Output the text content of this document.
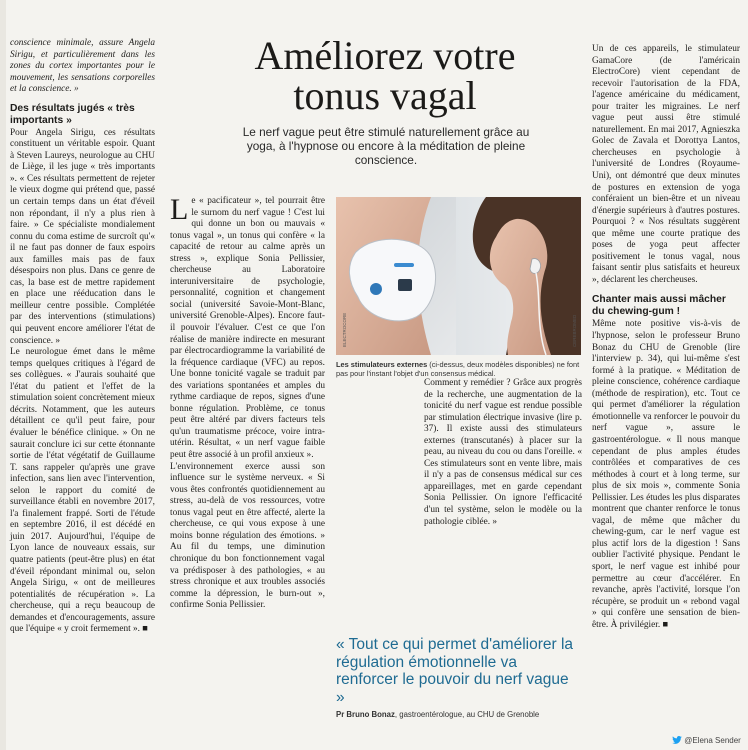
conscience minimale, assure Angela Sirigu, et particulièrement dans les zones du cortex importantes pour le mouvement, les sensations corporelles et la conscience. »

Des résultats jugés « très importants »

Pour Angela Sirigu, ces résultats constituent un véritable espoir. Quant à Steven Laureys, neurologue au CHU de Liège, il les juge « très importants ». « Ces résultats permettent de rejeter le vieux dogme qui prétend que, passé un certain temps dans un état d'éveil non répondant, il n'y a plus rien à faire. » Ce spécialiste mondialement connu du coma estime de surcroît qu'« il ne faut pas donner de faux espoirs aux familles mais pas de faux désespoirs non plus. Dans ce genre de cas, la base est de mettre rapidement en place une rééducation dans le meilleur centre possible. Complétée par des interventions (stimulations) qui peuvent encore améliorer l'état de conscience. »

Le neurologue émet dans le même temps quelques critiques à l'égard de ses collègues. « J'aurais souhaité que l'état du patient et l'effet de la stimulation soient concrètement mieux décrits. Notamment, que les auteurs détaillent ce qu'il peut faire, pour évaluer le bénéfice clinique. » On ne saurait conclure ici sur cette étonnante sortie de l'état végétatif de Guillaume T. sans rappeler qu'après une grave infection, sans lien avec l'intervention, selon le rapport du comité de surveillance établi en novembre 2017, l'a finalement frappé. Sorti de l'étude en septembre 2016, il est décédé en juin 2017. Aujourd'hui, l'équipe de Lyon lance de nouveaux essais, sur quatre patients (peut-être plus) en état d'éveil répondant minimal ou, selon Angela Sirigu, « ont de meilleures potentialités de récupération ». La chercheuse, qui a reçu beaucoup de demandes et d'encouragements, assure que l'équipe « y croit fermement ». ■

Améliorez votre
tonus vagal
Le nerf vague peut être stimulé naturellement grâce au yoga, à l'hypnose ou encore à la méditation de pleine conscience.

Le « pacificateur », tel pourrait être le surnom du nerf vague ! C'est lui qui donne un bon ou mauvais « tonus vagal », un tonus qui confère « la capacité de retour au calme après un stress », explique Sonia Pellissier, chercheuse au Laboratoire interuniversitaire de psychologie, personnalité, cognition et changement social (université Savoie-Mont-Blanc, université Grenoble-Alpes). Encore faut-il pouvoir l'évaluer. C'est ce que l'on réalise de manière indirecte en mesurant par électrocardiogramme la variabilité de la fréquence cardiaque (VFC) au repos. Une bonne tonicité vagale se traduit par des variations spontanées et amples du rythme cardiaque de repos, signes d'une bonne régulation. Problème, ce tonus peut être altéré par divers facteurs tels qu'un traumatisme précoce, voire intra-utérin. Résultat, « un nerf vague faible peut être associé à un profil anxieux ».

L'environnement exerce aussi son influence sur le système nerveux. « Si vous êtes confrontés quotidiennement au stress, au-delà de vos ressources, votre tonus vagal peut en être affecté, alerte la chercheuse, ce qui vous expose à une moins bonne régulation des émotions. » Au fil du temps, une diminution chronique du bon fonctionnement vagal va prédisposer à des pathologies, « au stress chronique et aux troubles associés comme la dépression, le burn-out », confirme Sonia Pellissier.

ELECTROCORE	CEREBROMED
Les stimulateurs externes (ci-dessus, deux modèles disponibles) ne font pas pour l'instant l'objet d'un consensus médical.

Comment y remédier ? Grâce aux progrès de la recherche, une augmentation de la tonicité du nerf vague est rendue possible par stimulation électrique invasive (lire p. 37). Il existe aussi des stimulateurs externes (transcutanés) à placer sur la peau, au niveau du cou ou dans l'oreille. « Ces stimulateurs sont en vente libre, mais il n'y a pas de consensus médical sur ces appareillages, met en garde cependant Sonia Pellissier. On ignore l'efficacité d'un tel système, selon le modèle ou la pathologie ciblée. »

« Tout ce qui permet d'améliorer la régulation émotionnelle va renforcer le pouvoir du nerf vague »
Pr Bruno Bonaz, gastroentérologue, au CHU de Grenoble

Un de ces appareils, le stimulateur GamaCore (de l'américain ElectroCore) vient cependant de recevoir l'autorisation de la FDA, l'agence américaine du médicament, pour traiter les migraines. Le nerf vague peut aussi être stimulé naturellement. En mai 2017, Agnieszka Golec de Zavala et Dorottya Lantos, chercheuses en psychologie à l'université de Londres (Royaume-Uni), ont démontré que deux minutes de postures en extension de yoga conféraient un bien-être et un niveau d'énergie supérieurs à d'autres postures. Pourquoi ? « Nos résultats suggèrent que même une courte pratique des poses de yoga peut affecter positivement le tonus vagal, nous faisant sentir plus satisfaits et heureux », déclarent les chercheuses.

Chanter mais aussi mâcher du chewing-gum !

Même note positive vis-à-vis de l'hypnose, selon le professeur Bruno Bonaz du CHU de Grenoble (lire l'interview p. 34), qui lui-même s'est formé à la pratique. « Méditation de pleine conscience, cohérence cardiaque (méthode de respiration), etc. Tout ce qui permet d'améliorer la régulation émotionnelle va renforcer le pouvoir du nerf vague », assure le gastroentérologue. « Il nous manque cependant de plus amples études contrôlées et comparatives de ces méthodes à court et à long terme, sur plus de six mois », commente Sonia Pellissier. Les études les plus disparates montrent que chanter renforce le tonus vagal, de même que mâcher du chewing-gum, car le nerf vague est plus actif lors de la digestion ! Sans oublier l'activité physique. Pendant le sport, le nerf vague est inhibé pour permettre au cœur d'accélérer. En revanche, après l'activité, lorsque l'on récupère, se produit un « rebond vagal » qui confère une sensation de bien-être. À privilégier. ■

@Elena Sender
